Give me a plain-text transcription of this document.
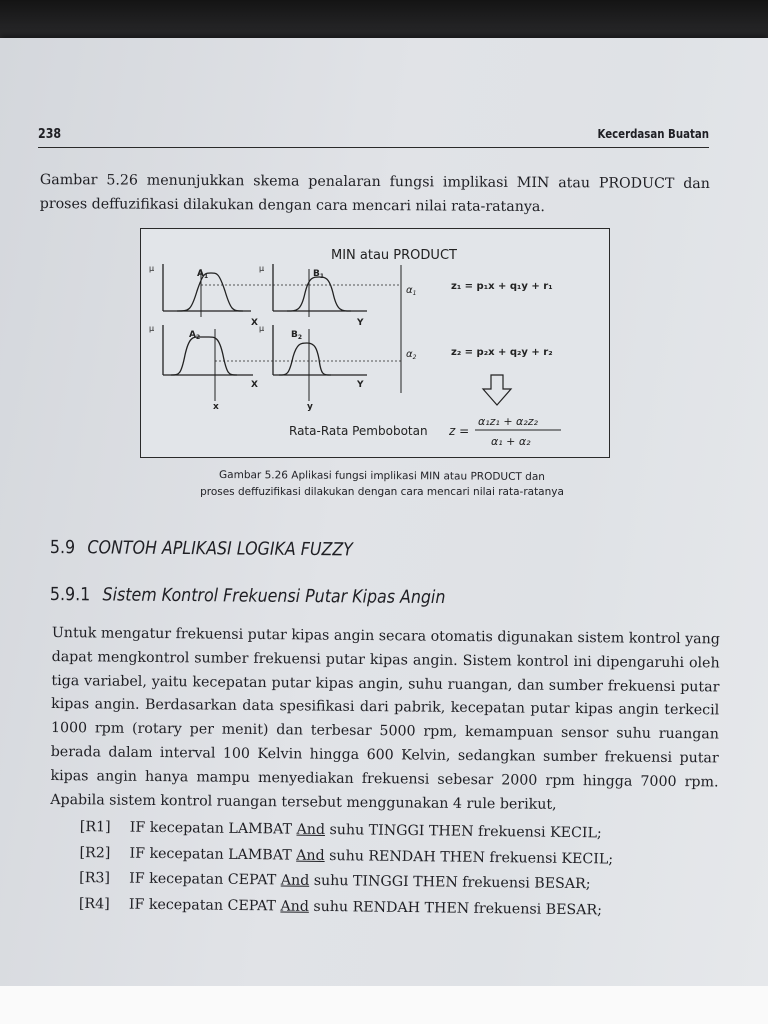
238	Kecerdasan Buatan
Gambar 5.26 menunjukkan skema penalaran fungsi implikasi MIN atau PRODUCT dan proses deffuzifikasi dilakukan dengan cara mencari nilai rata-ratanya.
MIN atau PRODUCT
μ
$A_1$
μ
$B_1$
X	Y
μ
$A_2$
μ
$B_2$
X	Y
x	y
$\alpha_1$
$\alpha_2$
z₁ = p₁x + q₁y + r₁
z₂ = p₂x + q₂y + r₂
Rata-Rata Pembobotan z =
α₁z₁ + α₂z₂
α₁ + α₂
Gambar 5.26 Aplikasi fungsi implikasi MIN atau PRODUCT dan
proses deffuzifikasi dilakukan dengan cara mencari nilai rata-ratanya
5.9 CONTOH APLIKASI LOGIKA FUZZY
5.9.1 Sistem Kontrol Frekuensi Putar Kipas Angin
Untuk mengatur frekuensi putar kipas angin secara otomatis digunakan sistem kontrol yang dapat mengkontrol sumber frekuensi putar kipas angin. Sistem kontrol ini dipengaruhi oleh tiga variabel, yaitu kecepatan putar kipas angin, suhu ruangan, dan sumber frekuensi putar kipas angin. Berdasarkan data spesifikasi dari pabrik, kecepatan putar kipas angin terkecil 1000 rpm (rotary per menit) dan terbesar 5000 rpm, kemampuan sensor suhu ruangan berada dalam interval 100 Kelvin hingga 600 Kelvin, sedangkan sumber frekuensi putar kipas angin hanya mampu menyediakan frekuensi sebesar 2000 rpm hingga 7000 rpm. Apabila sistem kontrol ruangan tersebut menggunakan 4 rule berikut,
[R1] IF kecepatan LAMBAT And suhu TINGGI THEN frekuensi KECIL;
[R2] IF kecepatan LAMBAT And suhu RENDAH THEN frekuensi KECIL;
[R3] IF kecepatan CEPAT And suhu TINGGI THEN frekuensi BESAR;
[R4] IF kecepatan CEPAT And suhu RENDAH THEN frekuensi BESAR;
